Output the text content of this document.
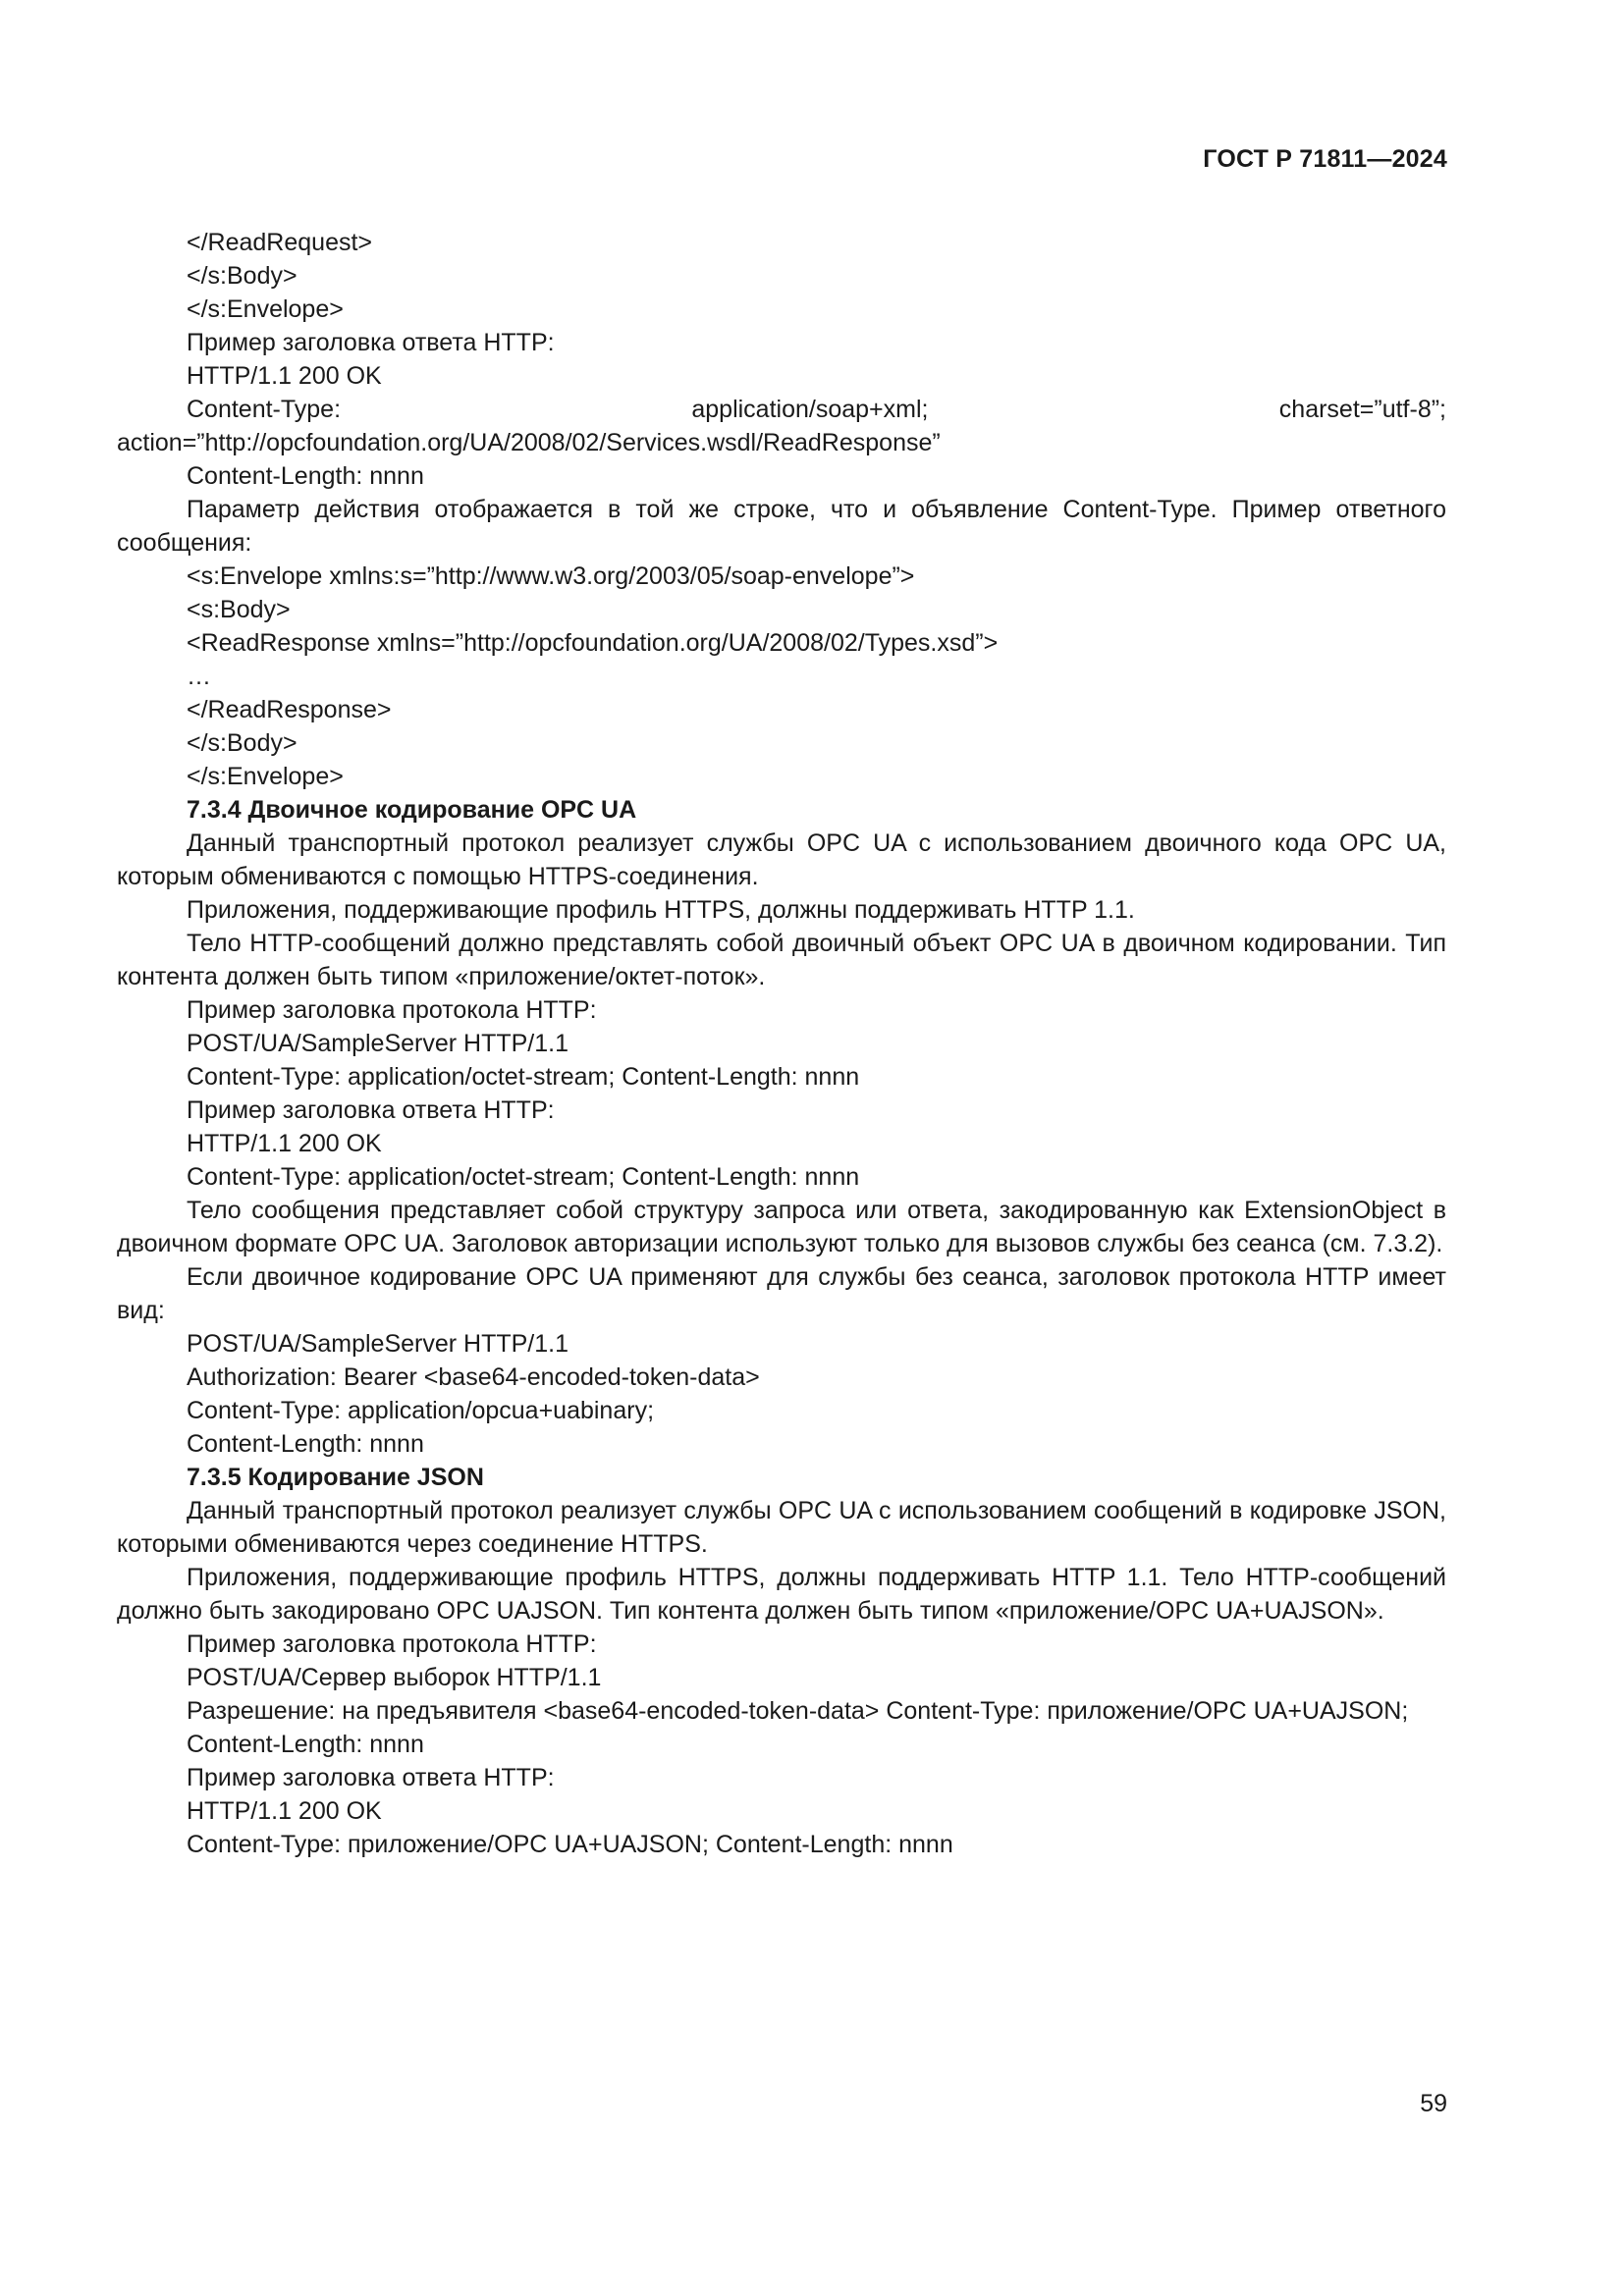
ГОСТ Р 71811—2024
</ReadRequest>
</s:Body>
</s:Envelope>
Пример заголовка ответа HTTP:
HTTP/1.1 200 OK

Content-Type: application/soap+xml; charset=”utf-8”; action=”http://opcfoundation.org/UA/2008/02/Services.wsdl/ReadResponse”

Content-Length: nnnn

Параметр действия отображается в той же строке, что и объявление Content-Type. Пример ответного сообщения:

<s:Envelope xmlns:s=”http://www.w3.org/2003/05/soap-envelope”>
<s:Body>
<ReadResponse xmlns=”http://opcfoundation.org/UA/2008/02/Types.xsd”>
…
</ReadResponse>
</s:Body>
</s:Envelope>
7.3.4 Двоичное кодирование OPC UA

Данный транспортный протокол реализует службы OPC UA с использованием двоичного кода OPC UA, которым обмениваются с помощью HTTPS-соединения.

Приложения, поддерживающие профиль HTTPS, должны поддерживать HTTP 1.1.

Тело HTTP-сообщений должно представлять собой двоичный объект OPC UA в двоичном кодировании. Тип контента должен быть типом «приложение/октет-поток».

Пример заголовка протокола HTTP:
POST/UA/SampleServer HTTP/1.1
Content-Type: application/octet-stream; Content-Length: nnnn
Пример заголовка ответа HTTP:
HTTP/1.1 200 OK
Content-Type: application/octet-stream; Content-Length: nnnn

Тело сообщения представляет собой структуру запроса или ответа, закодированную как ExtensionObject в двоичном формате OPC UA. Заголовок авторизации используют только для вызовов службы без сеанса (см. 7.3.2).

Если двоичное кодирование OPC UA применяют для службы без сеанса, заголовок протокола HTTP имеет вид:

POST/UA/SampleServer HTTP/1.1
Authorization: Bearer <base64-encoded-token-data>
Content-Type: application/opcua+uabinary;
Content-Length: nnnn
7.3.5 Кодирование JSON

Данный транспортный протокол реализует службы OPC UA с использованием сообщений в кодировке JSON, которыми обмениваются через соединение HTTPS.

Приложения, поддерживающие профиль HTTPS, должны поддерживать HTTP 1.1. Тело HTTP-сообщений должно быть закодировано OPC UAJSON. Тип контента должен быть типом «приложение/OPC UA+UAJSON».

Пример заголовка протокола HTTP:
POST/UA/Сервер выборок HTTP/1.1

Разрешение: на предъявителя <base64-encoded-token-data> Content-Type: приложение/OPC UA+UAJSON;

Content-Length: nnnn
Пример заголовка ответа HTTP:
HTTP/1.1 200 OK
Content-Type: приложение/OPC UA+UAJSON; Content-Length: nnnn
59
